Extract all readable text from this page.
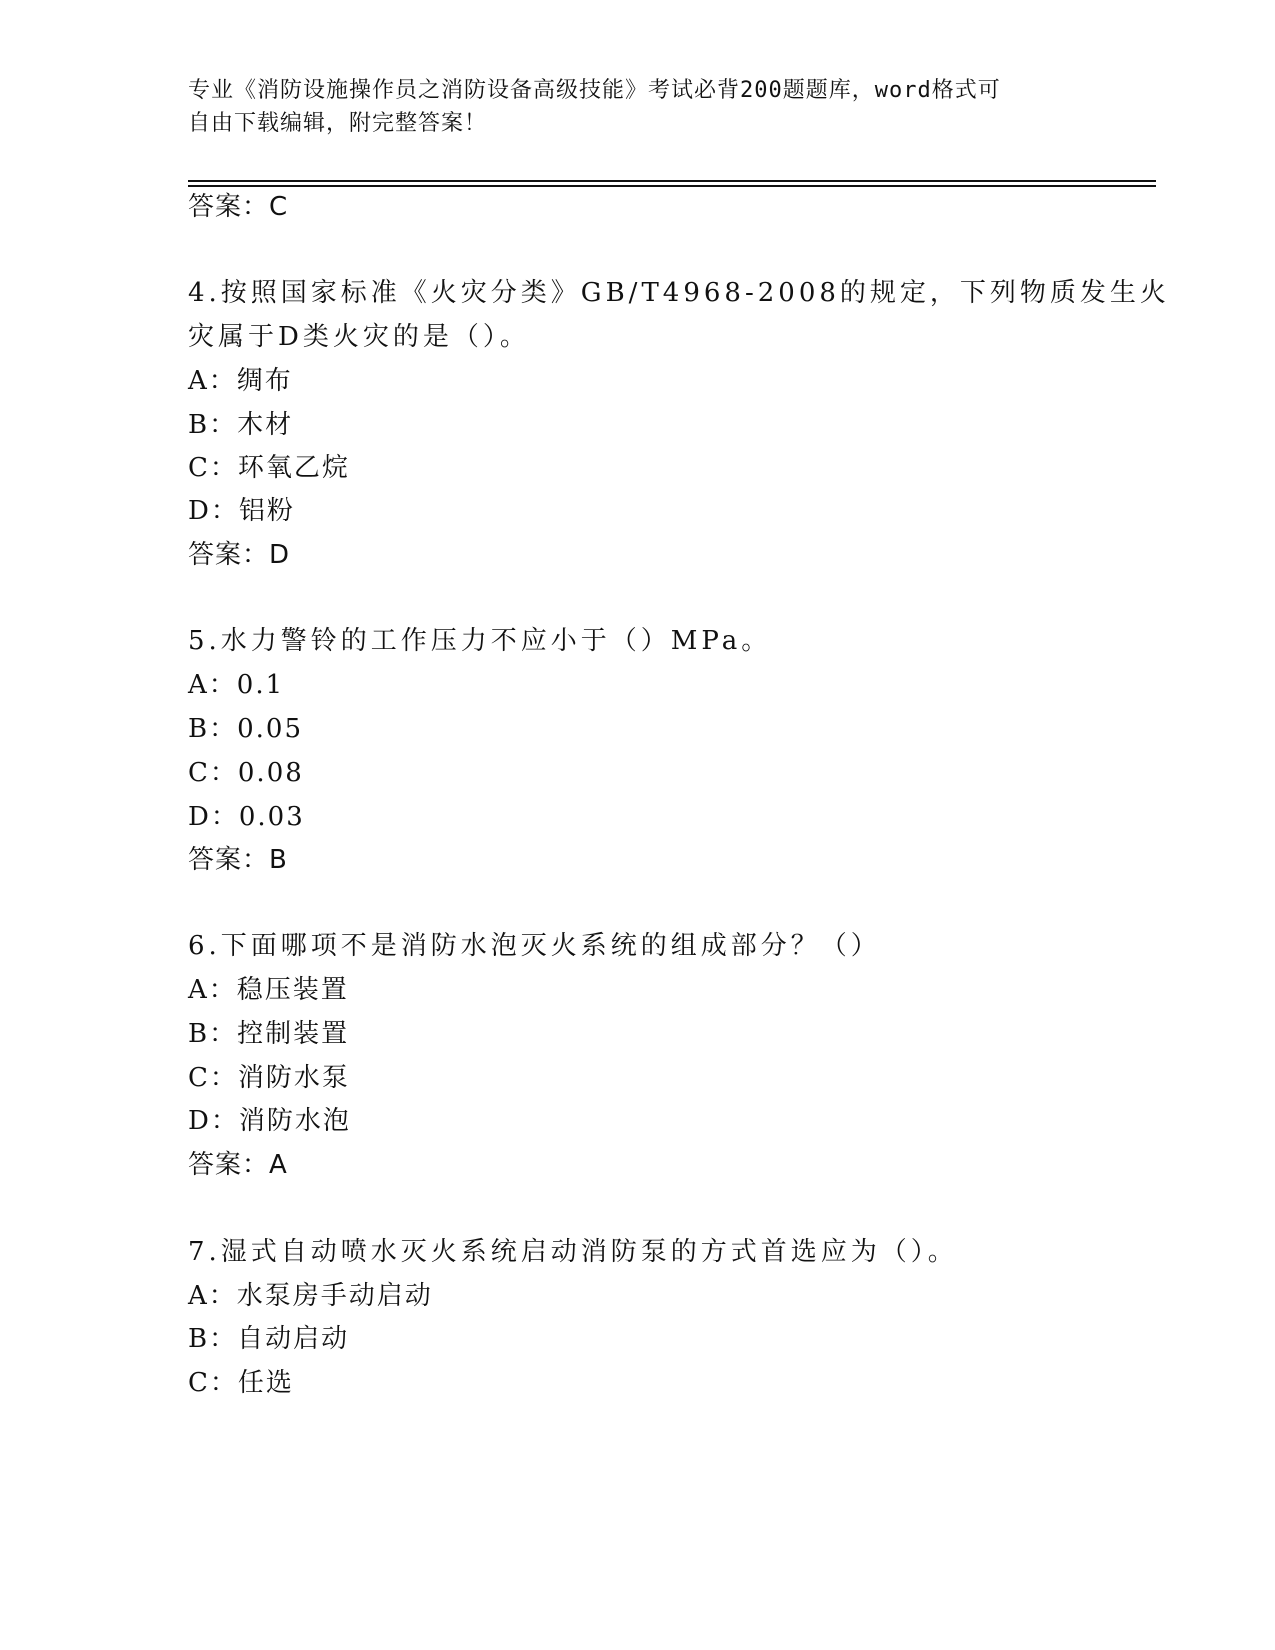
专业《消防设施操作员之消防设备高级技能》考试必背200题题库，word格式可
自由下载编辑，附完整答案！
答案：C
4.按照国家标准《火灾分类》GB/T4968-2008的规定，下列物质发生火
灾属于D类火灾的是（）。
A：绸布
B：木材
C：环氧乙烷
D：铝粉
答案：D
5.水力警铃的工作压力不应小于（）MPa。
A：0.1
B：0.05
C：0.08
D：0.03
答案：B
6.下面哪项不是消防水泡灭火系统的组成部分？（）
A：稳压装置
B：控制装置
C：消防水泵
D：消防水泡
答案：A
7.湿式自动喷水灭火系统启动消防泵的方式首选应为（）。
A：水泵房手动启动
B：自动启动
C：任选
